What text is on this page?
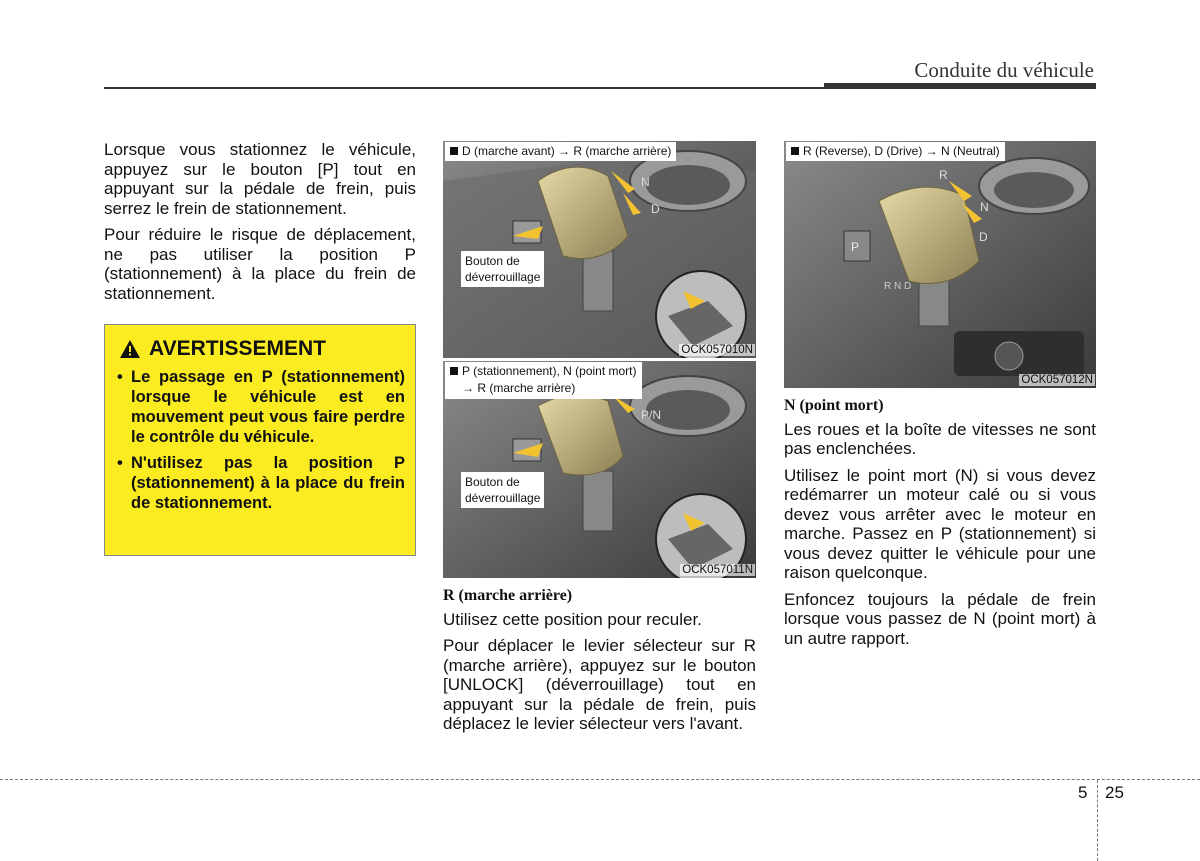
Conduite du véhicule

Lorsque vous stationnez le véhicule, appuyez sur le bouton [P] tout en appuyant sur la pédale de frein, puis serrez le frein de stationnement.

Pour réduire le risque de déplacement, ne pas utiliser la position P (stationnement) à la place du frein de stationnement.

AVERTISSEMENT
• Le passage en P (stationnement) lorsque le véhicule est en mouvement peut vous faire perdre le contrôle du véhicule.
• N'utilisez pas la position P (stationnement) à la place du frein de stationnement.
N
D
D (marche avant) → R (marche arrière)
Bouton de
déverrouillage
OCK057010N
P/N
P (stationnement), N (point mort)
→ R (marche arrière)
Bouton de
déverrouillage
OCK057011N
P
R N D
R
N
D
R (Reverse), D (Drive) → N (Neutral)
OCK057012N

R (marche arrière)

Utilisez cette position pour reculer.

Pour déplacer le levier sélecteur sur R (marche arrière), appuyez sur le bouton [UNLOCK] (déverrouillage) tout en appuyant sur la pédale de frein, puis déplacez le levier sélecteur vers l'avant.

N (point mort)

Les roues et la boîte de vitesses ne sont pas enclenchées.

Utilisez le point mort (N) si vous devez redémarrer un moteur calé ou si vous devez vous arrêter avec le moteur en marche. Passez en P (stationnement) si vous devez quitter le véhicule pour une raison quelconque.

Enfoncez toujours la pédale de frein lorsque vous passez de N (point mort) à un autre rapport.

5 25
